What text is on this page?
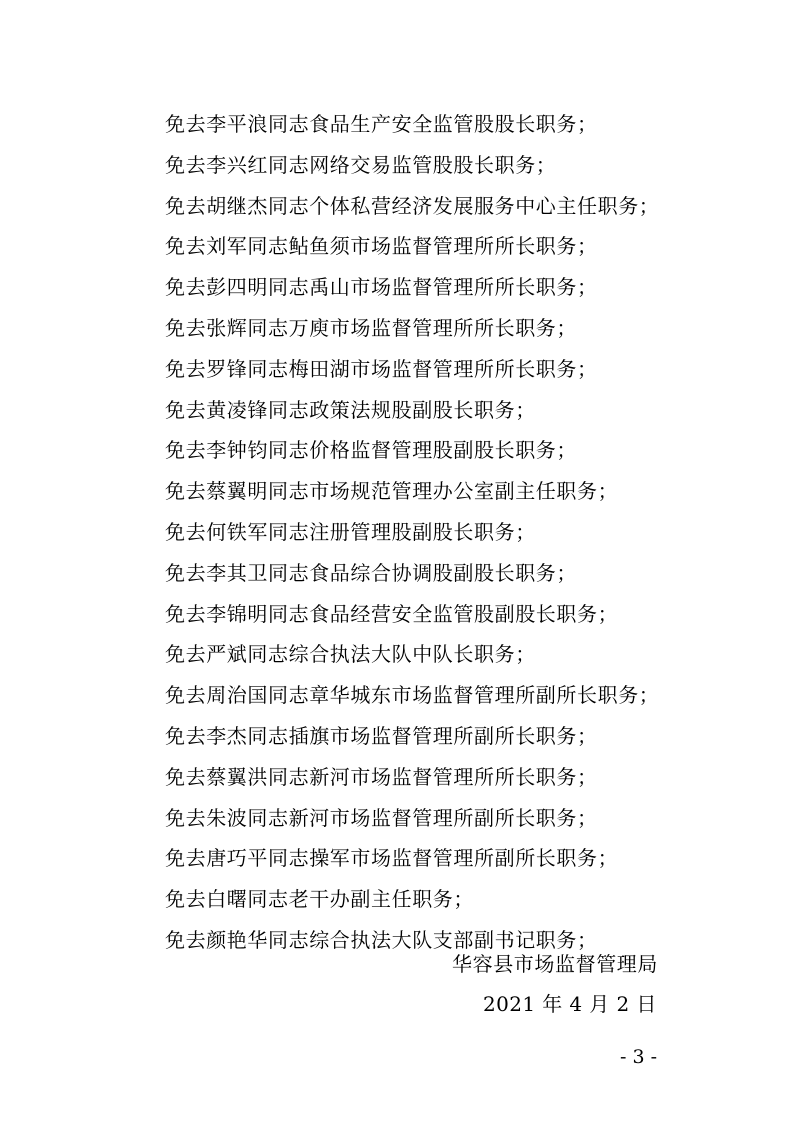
免去李平浪同志食品生产安全监管股股长职务；
免去李兴红同志网络交易监管股股长职务；
免去胡继杰同志个体私营经济发展服务中心主任职务；
免去刘军同志鲇鱼须市场监督管理所所长职务；
免去彭四明同志禹山市场监督管理所所长职务；
免去张辉同志万庾市场监督管理所所长职务；
免去罗锋同志梅田湖市场监督管理所所长职务；
免去黄凌锋同志政策法规股副股长职务；
免去李钟钧同志价格监督管理股副股长职务；
免去蔡翼明同志市场规范管理办公室副主任职务；
免去何铁军同志注册管理股副股长职务；
免去李其卫同志食品综合协调股副股长职务；
免去李锦明同志食品经营安全监管股副股长职务；
免去严斌同志综合执法大队中队长职务；
免去周治国同志章华城东市场监督管理所副所长职务；
免去李杰同志插旗市场监督管理所副所长职务；
免去蔡翼洪同志新河市场监督管理所所长职务；
免去朱波同志新河市场监督管理所副所长职务；
免去唐巧平同志操军市场监督管理所副所长职务；
免去白曙同志老干办副主任职务；
免去颜艳华同志综合执法大队支部副书记职务；
华容县市场监督管理局
2021 年 4 月 2 日
- 3 -
